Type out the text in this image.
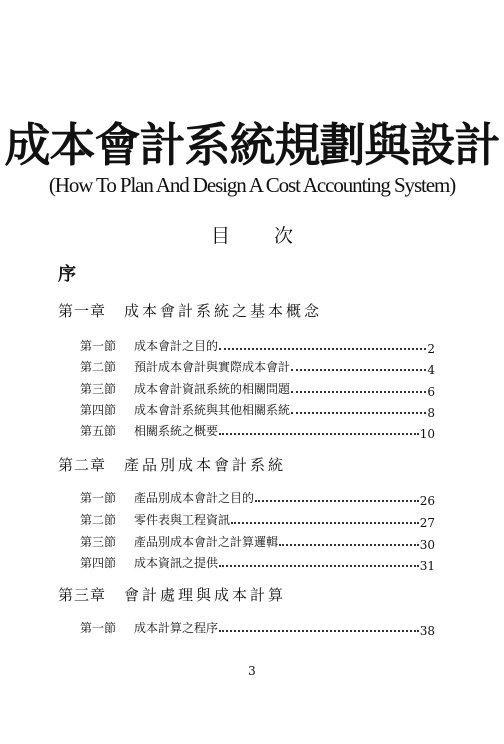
成本會計系統規劃與設計
(How To Plan And Design A Cost Accounting System)
目次
序
第一章	成本會計系統之基本概念
第一節	成本會計之目的	2
第二節	預計成本會計與實際成本會計	4
第三節	成本會計資訊系統的相關問題	6
第四節	成本會計系統與其他相關系統	8
第五節	相關系統之概要	10
第二章	產品別成本會計系統
第一節	產品別成本會計之目的	26
第二節	零件表與工程資訊	27
第三節	產品別成本會計之計算邏輯	30
第四節	成本資訊之提供	31
第三章	會計處理與成本計算
第一節	成本計算之程序	38
3
